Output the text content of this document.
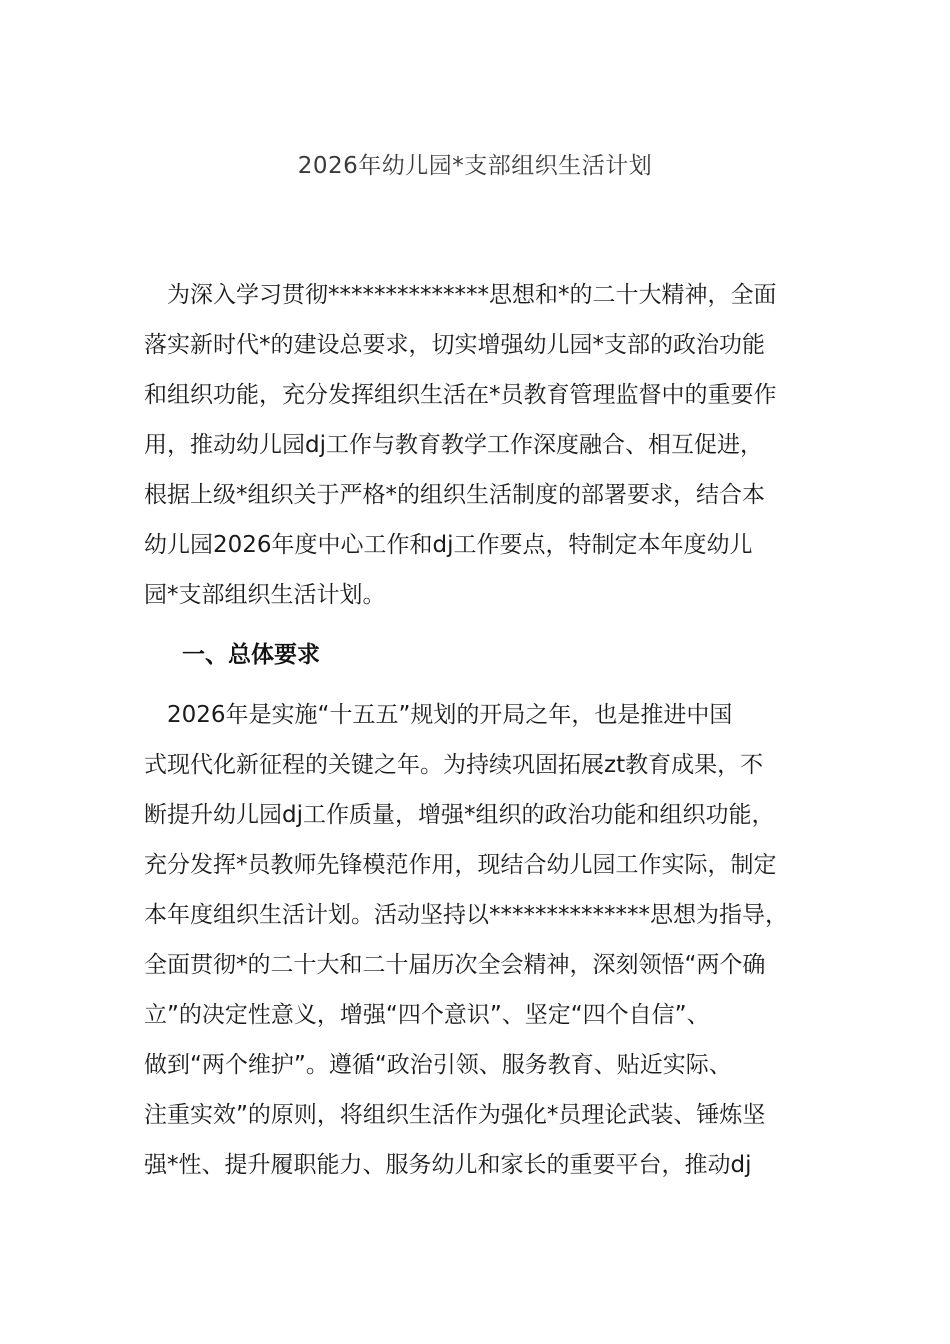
2026年幼儿园*支部组织生活计划
　为深入学习贯彻**************思想和*的二十大精神，全面
落实新时代*的建设总要求，切实增强幼儿园*支部的政治功能
和组织功能，充分发挥组织生活在*员教育管理监督中的重要作
用，推动幼儿园dj工作与教育教学工作深度融合、相互促进，
根据上级*组织关于严格*的组织生活制度的部署要求，结合本
幼儿园2026年度中心工作和dj工作要点，特制定本年度幼儿
园*支部组织生活计划。
一、总体要求
　2026年是实施“十五五”规划的开局之年，也是推进中国
式现代化新征程的关键之年。为持续巩固拓展zt教育成果，不
断提升幼儿园dj工作质量，增强*组织的政治功能和组织功能，
充分发挥*员教师先锋模范作用，现结合幼儿园工作实际，制定
本年度组织生活计划。活动坚持以**************思想为指导，
全面贯彻*的二十大和二十届历次全会精神，深刻领悟“两个确
立”的决定性意义，增强“四个意识”、坚定“四个自信”、
做到“两个维护”。遵循“政治引领、服务教育、贴近实际、
注重实效”的原则，将组织生活作为强化*员理论武装、锤炼坚
强*性、提升履职能力、服务幼儿和家长的重要平台，推动dj
